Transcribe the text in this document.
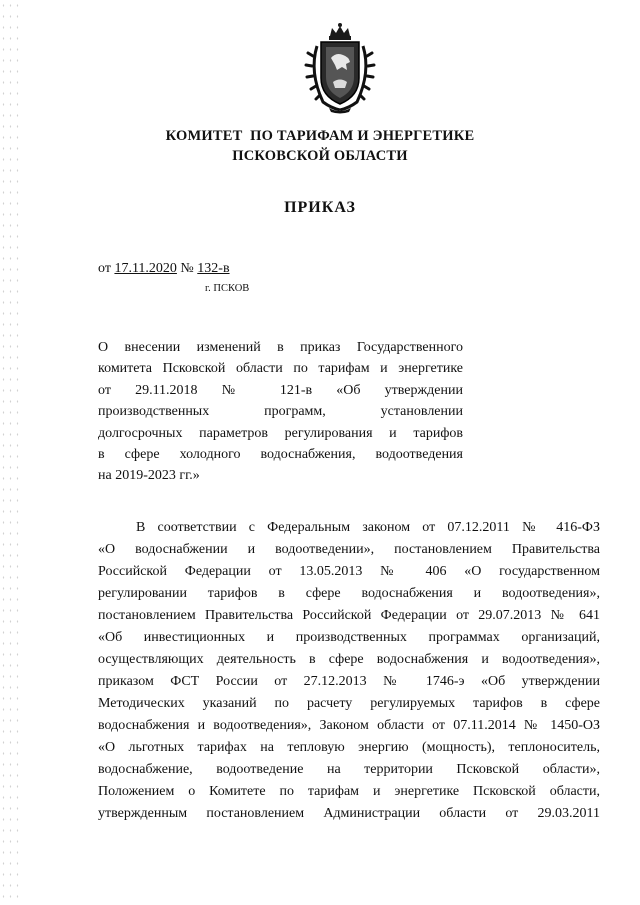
КОМИТЕТ  ПО ТАРИФАМ И ЭНЕРГЕТИКЕ
ПСКОВСКОЙ ОБЛАСТИ
ПРИКАЗ
от 17.11.2020 № 132-в
г. ПСКОВ
О внесении изменений в приказ Государственного
комитета Псковской области по тарифам и энергетике
от 29.11.2018 № 121-в «Об утверждении
производственных программ, установлении
долгосрочных параметров регулирования и тарифов
в сфере холодного водоснабжения, водоотведения
на 2019-2023 гг.»
В соответствии с Федеральным законом от 07.12.2011 № 416-ФЗ
«О водоснабжении и водоотведении», постановлением Правительства
Российской Федерации от 13.05.2013 № 406 «О государственном
регулировании тарифов в сфере водоснабжения и водоотведения»,
постановлением Правительства Российской Федерации от 29.07.2013 № 641
«Об инвестиционных и производственных программах организаций,
осуществляющих деятельность в сфере водоснабжения и водоотведения»,
приказом ФСТ России от 27.12.2013 № 1746-э «Об утверждении
Методических указаний по расчету регулируемых тарифов в сфере
водоснабжения и водоотведения», Законом области от 07.11.2014 № 1450-ОЗ
«О льготных тарифах на тепловую энергию (мощность), теплоноситель,
водоснабжение, водоотведение на территории Псковской области»,
Положением о Комитете по тарифам и энергетике Псковской области,
утвержденным постановлением Администрации области от 29.03.2011
